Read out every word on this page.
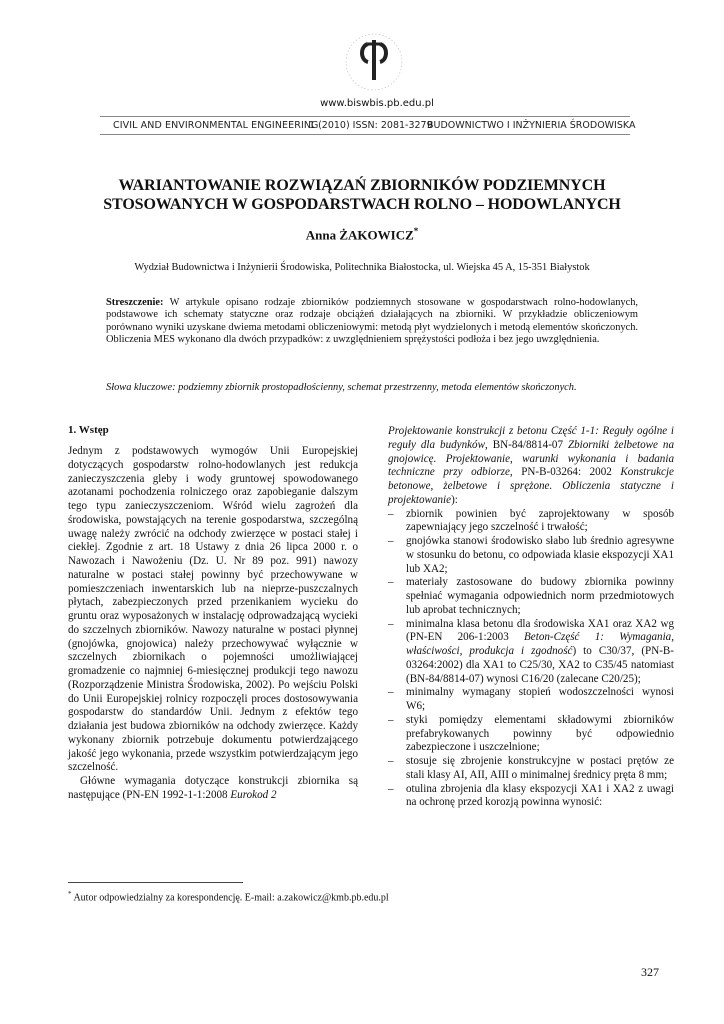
www.biswbis.pb.edu.pl
CIVIL AND ENVIRONMENTAL ENGINEERING
1 (2010) ISSN: 2081-3279
BUDOWNICTWO I INŻYNIERIA ŚRODOWISKA
WARIANTOWANIE ROZWIĄZAŃ ZBIORNIKÓW PODZIEMNYCH STOSOWANYCH W GOSPODARSTWACH ROLNO – HODOWLANYCH
Anna ŻAKOWICZ*
Wydział Budownictwa i Inżynierii Środowiska, Politechnika Białostocka, ul. Wiejska 45 A, 15-351 Białystok
Streszczenie: W artykule opisano rodzaje zbiorników podziemnych stosowane w gospodarstwach rolno-hodowlanych, podstawowe ich schematy statyczne oraz rodzaje obciążeń działających na zbiorniki. W przykładzie obliczeniowym porównano wyniki uzyskane dwiema metodami obliczeniowymi: metodą płyt wydzielonych i metodą elementów skończonych. Obliczenia MES wykonano dla dwóch przypadków: z uwzględnieniem sprężystości podłoża i bez jego uwzględnienia.
Słowa kluczowe: podziemny zbiornik prostopadłościenny, schemat przestrzenny, metoda elementów skończonych.
1. Wstęp

Jednym z podstawowych wymogów Unii Europejskiej dotyczących gospodarstw rolno-hodowlanych jest redukcja zanieczyszczenia gleby i wody gruntowej spowodowanego azotanami pochodzenia rolniczego oraz zapobieganie dalszym tego typu zanieczyszczeniom. Wśród wielu zagrożeń dla środowiska, powstających na terenie gospodarstwa, szczególną uwagę należy zwrócić na odchody zwierzęce w postaci stałej i ciekłej. Zgodnie z art. 18 Ustawy z dnia 26 lipca 2000 r. o Nawozach i Nawożeniu (Dz. U. Nr 89 poz. 991) nawozy naturalne w postaci stałej powinny być przechowywane w pomieszczeniach inwentarskich lub na nieprze-puszczalnych płytach, zabezpieczonych przed przenikaniem wycieku do gruntu oraz wyposażonych w instalację odprowadzającą wycieki do szczelnych zbiorników. Nawozy naturalne w postaci płynnej (gnojówka, gnojowica) należy przechowywać wyłącznie w szczelnych zbiornikach o pojemności umożliwiającej gromadzenie co najmniej 6-miesięcznej produkcji tego nawozu (Rozporządzenie Ministra Środowiska, 2002). Po wejściu Polski do Unii Europejskiej rolnicy rozpoczęli proces dostosowywania gospodarstw do standardów Unii. Jednym z efektów tego działania jest budowa zbiorników na odchody zwierzęce. Każdy wykonany zbiornik potrzebuje dokumentu potwierdzającego jakość jego wykonania, przede wszystkim potwierdzającym jego szczelność.

Główne wymagania dotyczące konstrukcji zbiornika są następujące (PN-EN 1992-1-1:2008 Eurokod 2

Projektowanie konstrukcji z betonu Część 1-1: Reguły ogólne i reguły dla budynków, BN-84/8814-07 Zbiorniki żelbetowe na gnojowicę. Projektowanie, warunki wykonania i badania techniczne przy odbiorze, PN-B-03264: 2002 Konstrukcje betonowe, żelbetowe i sprężone. Obliczenia statyczne i projektowanie):

– zbiornik powinien być zaprojektowany w sposób zapewniający jego szczelność i trwałość;
– gnojówka stanowi środowisko słabo lub średnio agresywne w stosunku do betonu, co odpowiada klasie ekspozycji XA1 lub XA2;
– materiały zastosowane do budowy zbiornika powinny spełniać wymagania odpowiednich norm przedmiotowych lub aprobat technicznych;
– minimalna klasa betonu dla środowiska XA1 oraz XA2 wg (PN-EN 206-1:2003 Beton-Część 1: Wymagania, właściwości, produkcja i zgodność) to C30/37, (PN-B-03264:2002) dla XA1 to C25/30, XA2 to C35/45 natomiast (BN-84/8814-07) wynosi C16/20 (zalecane C20/25);
– minimalny wymagany stopień wodoszczelności wynosi W6;
– styki pomiędzy elementami składowymi zbiorników prefabrykowanych powinny być odpowiednio zabezpieczone i uszczelnione;
– stosuje się zbrojenie konstrukcyjne w postaci prętów ze stali klasy AI, AII, AIII o minimalnej średnicy pręta 8 mm;
– otulina zbrojenia dla klasy ekspozycji XA1 i XA2 z uwagi na ochronę przed korozją powinna wynosić:
* Autor odpowiedzialny za korespondencję. E-mail: a.zakowicz@kmb.pb.edu.pl
327
